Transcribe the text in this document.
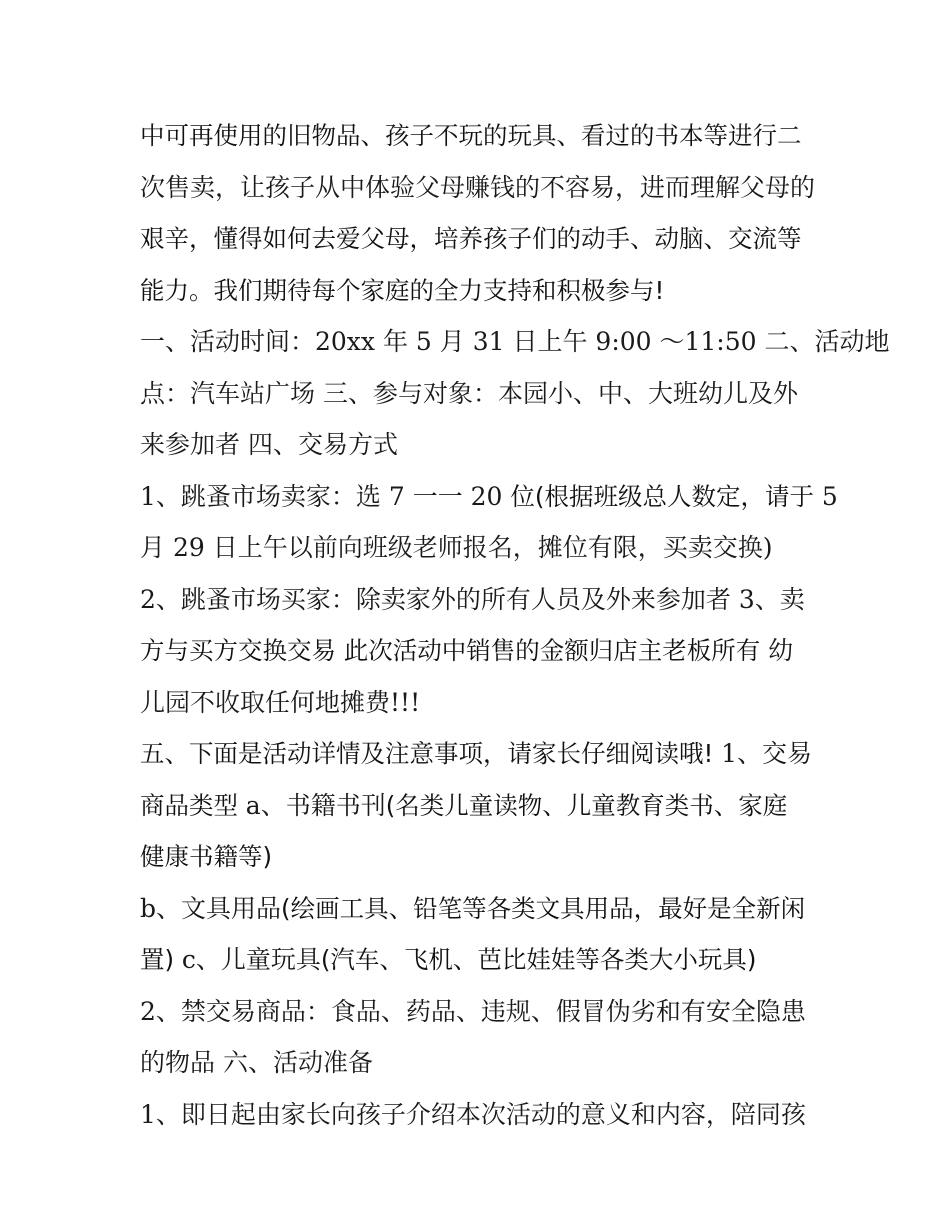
中可再使用的旧物品、孩子不玩的玩具、看过的书本等进行二
次售卖，让孩子从中体验父母赚钱的不容易，进而理解父母的
艰辛，懂得如何去爱父母，培养孩子们的动手、动脑、交流等
能力。我们期待每个家庭的全力支持和积极参与!
一、活动时间：20xx 年 5 月 31 日上午 9:00 ～11:50 二、活动地
点：汽车站广场 三、参与对象：本园小、中、大班幼儿及外
来参加者 四、交易方式
1、跳蚤市场卖家：选 7 一一 20 位(根据班级总人数定，请于 5
月 29 日上午以前向班级老师报名，摊位有限，买卖交换)
2、跳蚤市场买家：除卖家外的所有人员及外来参加者 3、卖
方与买方交换交易 此次活动中销售的金额归店主老板所有 幼
儿园不收取任何地摊费!!!
五、下面是活动详情及注意事项，请家长仔细阅读哦! 1、交易
商品类型 a、书籍书刊(名类儿童读物、儿童教育类书、家庭
健康书籍等)
b、文具用品(绘画工具、铅笔等各类文具用品，最好是全新闲
置) c、儿童玩具(汽车、飞机、芭比娃娃等各类大小玩具)
2、禁交易商品：食品、药品、违规、假冒伪劣和有安全隐患
的物品 六、活动准备
1、即日起由家长向孩子介绍本次活动的意义和内容，陪同孩
